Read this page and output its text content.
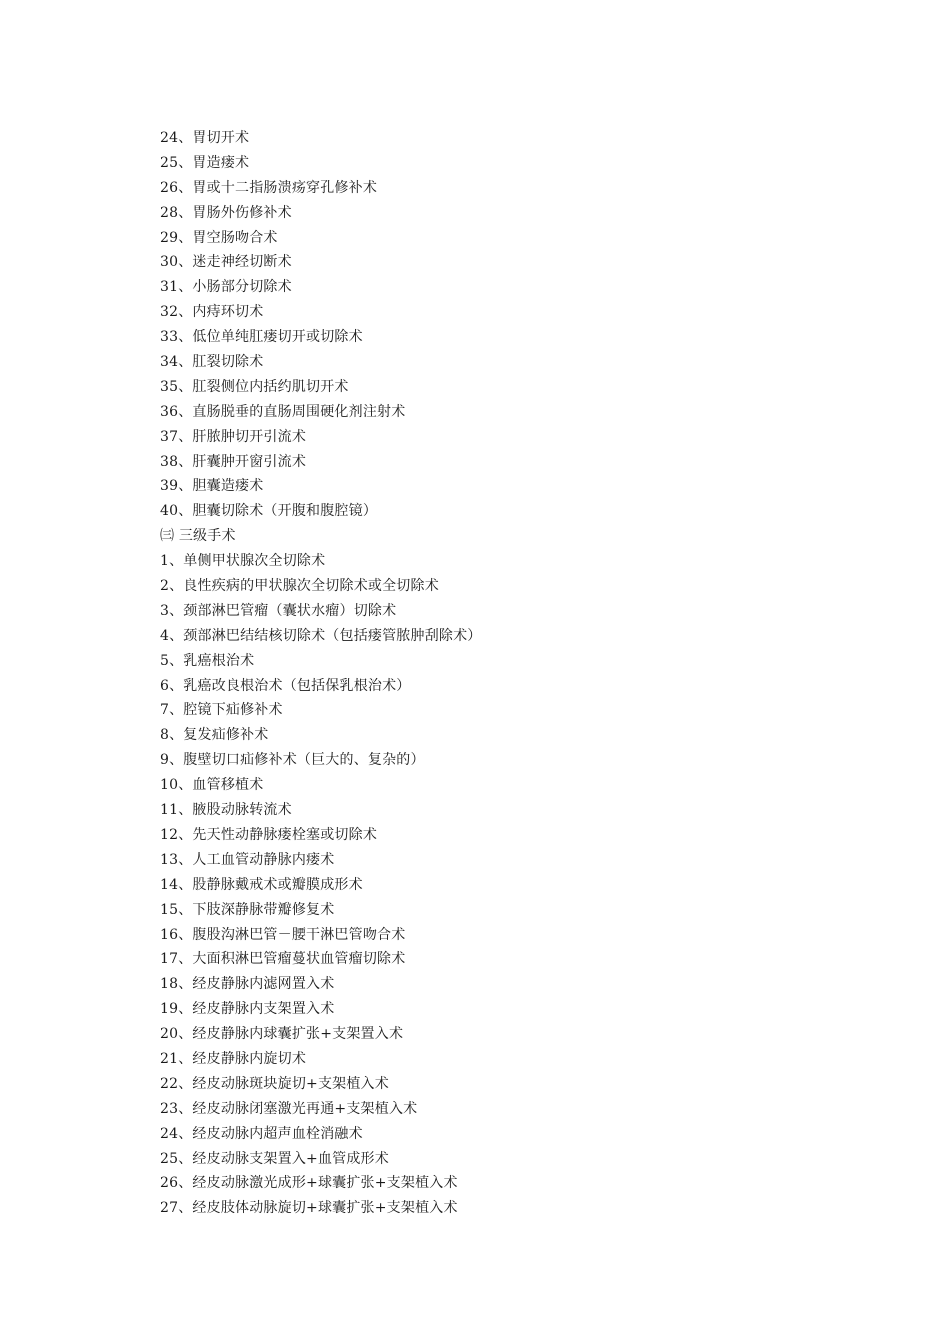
24、胃切开术
25、胃造瘘术
26、胃或十二指肠溃疡穿孔修补术
28、胃肠外伤修补术
29、胃空肠吻合术
30、迷走神经切断术
31、小肠部分切除术
32、内痔环切术
33、低位单纯肛瘘切开或切除术
34、肛裂切除术
35、肛裂侧位内括约肌切开术
36、直肠脱垂的直肠周围硬化剂注射术
37、肝脓肿切开引流术
38、肝囊肿开窗引流术
39、胆囊造瘘术
40、胆囊切除术（开腹和腹腔镜）
㈢ 三级手术
1、单侧甲状腺次全切除术
2、良性疾病的甲状腺次全切除术或全切除术
3、颈部淋巴管瘤（囊状水瘤）切除术
4、颈部淋巴结结核切除术（包括瘘管脓肿刮除术）
5、乳癌根治术
6、乳癌改良根治术（包括保乳根治术）
7、腔镜下疝修补术
8、复发疝修补术
9、腹壁切口疝修补术（巨大的、复杂的）
10、血管移植术
11、腋股动脉转流术
12、先天性动静脉瘘栓塞或切除术
13、人工血管动静脉内瘘术
14、股静脉戴戒术或瓣膜成形术
15、下肢深静脉带瓣修复术
16、腹股沟淋巴管－腰干淋巴管吻合术
17、大面积淋巴管瘤蔓状血管瘤切除术
18、经皮静脉内滤网置入术
19、经皮静脉内支架置入术
20、经皮静脉内球囊扩张+支架置入术
21、经皮静脉内旋切术
22、经皮动脉斑块旋切+支架植入术
23、经皮动脉闭塞激光再通+支架植入术
24、经皮动脉内超声血栓消融术
25、经皮动脉支架置入+血管成形术
26、经皮动脉激光成形+球囊扩张+支架植入术
27、经皮肢体动脉旋切+球囊扩张+支架植入术
